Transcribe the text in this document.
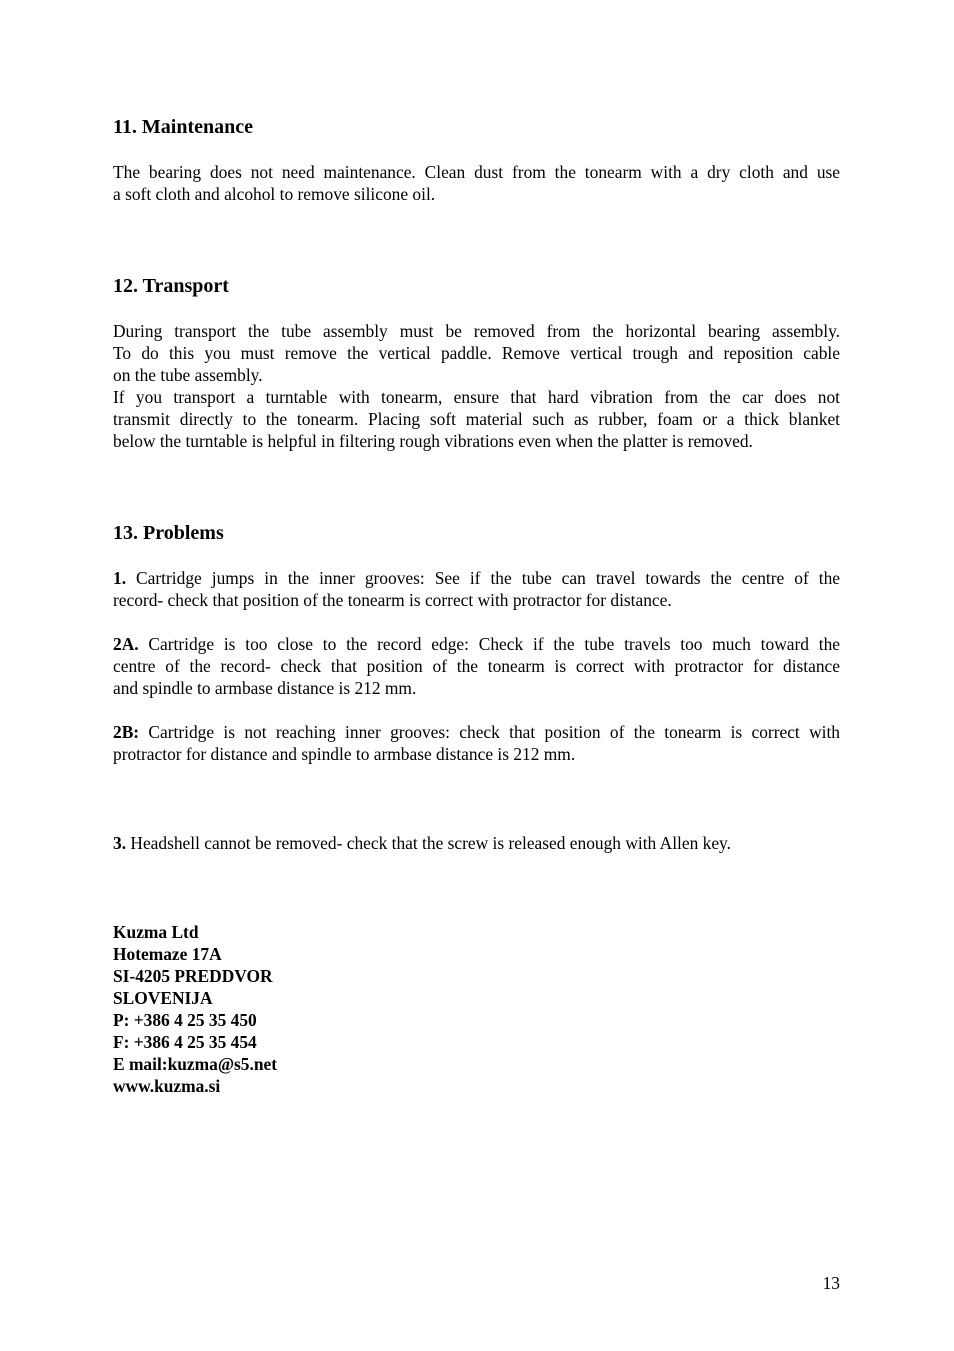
11. Maintenance

The bearing does not need maintenance. Clean dust from the tonearm with a dry cloth and use
a soft cloth and alcohol to remove silicone oil.

12. Transport

During transport the tube assembly must be removed from the horizontal bearing assembly.
To do this you must remove the vertical paddle. Remove vertical trough and reposition cable
on the tube assembly.
If you transport a turntable with tonearm, ensure that hard vibration from the car does not
transmit directly to the tonearm. Placing soft material such as rubber, foam or a thick blanket
below the turntable is helpful in filtering rough vibrations even when the platter is removed.

13. Problems

1. Cartridge jumps in the inner grooves: See if the tube can travel towards the centre of the
record- check that position of the tonearm is correct with protractor for distance.

2A. Cartridge is too close to the record edge: Check if the tube travels too much toward the
centre of the record- check that position of the tonearm is correct with protractor for distance
and spindle to armbase distance is 212 mm.

2B: Cartridge is not reaching inner grooves: check that position of the tonearm is correct with
protractor for distance and spindle to armbase distance is 212 mm.

3. Headshell cannot be removed- check that the screw is released enough with Allen key.

Kuzma Ltd
Hotemaze 17A
SI-4205 PREDDVOR
SLOVENIJA
P: +386 4 25 35 450
F: +386 4 25 35 454
E mail:kuzma@s5.net
www.kuzma.si
13
